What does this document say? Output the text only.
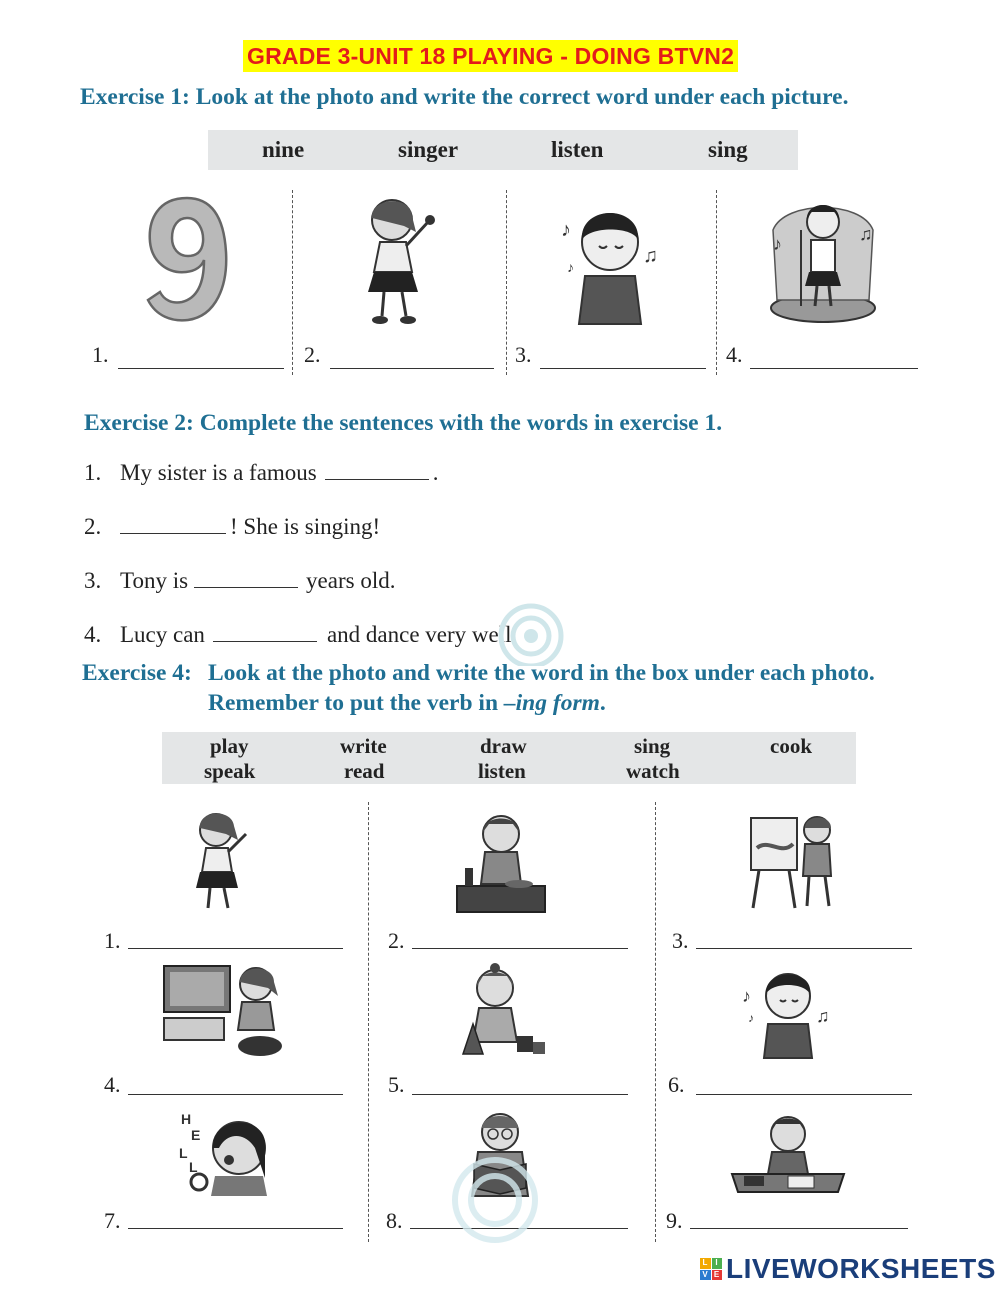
GRADE 3-UNIT 18 PLAYING - DOING BTVN2
Exercise 1: Look at the photo and write the correct word under each picture.
nine	singer	listen	sing
♪
♫
♪
♪	♫
1.	2.	3.	4.
Exercise 2: Complete the sentences with the words in exercise 1.
1. My sister is a famous	.
2.	! She is singing!
3. Tony is	years old.
4. Lucy can	and dance very well.
Exercise 4: Look at the photo and write the word in the box under each photo.
Remember to put the verb in –ing form.
play	write	draw	sing	cook
speak	read	listen	watch
1.	2.	3.
♪
♫
♪
4.	5.	6.
H
E
L
L
7.	8.	9.
L I
V E LIVEWORKSHEETS
